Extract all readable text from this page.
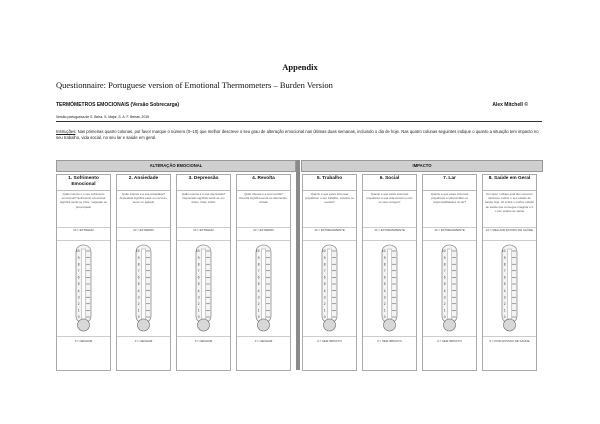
Appendix
Questionnaire: Portuguese version of Emotional Thermometers – Burden Version
TERMÓMETROS EMOCIONAIS (Versão Sobrecarga)	Alex Mitchell ©
Versão portuguesa de S. Beira, S. Major, S. A. F. Beiras, 2015
Instruções: Nas primeiras quatro colunas, por favor marque o número (0–10) que melhor descreve o seu grau de alteração emocional nas últimas duas semanas, incluindo o dia de hoje. Nas quatro colunas seguintes indique o quanto a situação tem impacto no seu trabalho, vida social, no seu lar e saúde em geral.
ALTERAÇÃO EMOCIONAL	IMPACTO
1. Sofrimento Emocional
Quão intenso é o seu sofrimento emocional? Sofrimento emocional significa sentir-se triste, magoado ou preocupado
10 = EXTREMO
10
9
8
7
6
5
4
3
2
1
0
0 = NENHUM
2. Ansiedade
Quão intensa é a sua ansiedade? Ansiedade significa estar ou nervoso, tenso ou agitado
10 = EXTREMO
10
9
8
7
6
5
4
3
2
1
0
0 = NENHUM
3. Depressão
Quão intensa é a sua depressão? Depressão significa sentir-se em baixo, triste, infeliz
10 = EXTREMO
10
9
8
7
6
5
4
3
2
1
0
0 = NENHUM
4. Revolta
Quão intensa é a sua revolta? Revolta significa sentir-se aborrecido, irritado
10 = EXTREMO
10
9
8
7
6
5
4
3
2
1
0
0 = NENHUM
5. Trabalho
Quanto é que estes sintomas prejudicam o seu trabalho, estudos ou escola?
10 = EXTREMAMENTE
10
9
8
7
6
5
4
3
2
1
0
0 = SEM IMPACTO
6. Social
Quanto é que estes sintomas prejudicam a sua vida social ou com os seus amigos?
10 = EXTREMAMENTE
10
9
8
7
6
5
4
3
2
1
0
0 = SEM IMPACTO
7. Lar
Quanto é que estes sintomas prejudicam a vida familiar ou responsabilidades do lar?
10 = EXTREMAMENTE
10
9
8
7
6
5
4
3
2
1
0
0 = SEM IMPACTO
8. Saúde em Geral
Por favor, indique qual dos números descreve melhor o seu estado de saúde hoje. 10 indica o melhor estado de saúde que consegue imaginar e 0 o pior estado de saúde
10 = MELHOR ESTADO DE SAÚDE
10
9
8
7
6
5
4
3
2
1
0
0 = PIOR ESTADO DE SAÚDE
